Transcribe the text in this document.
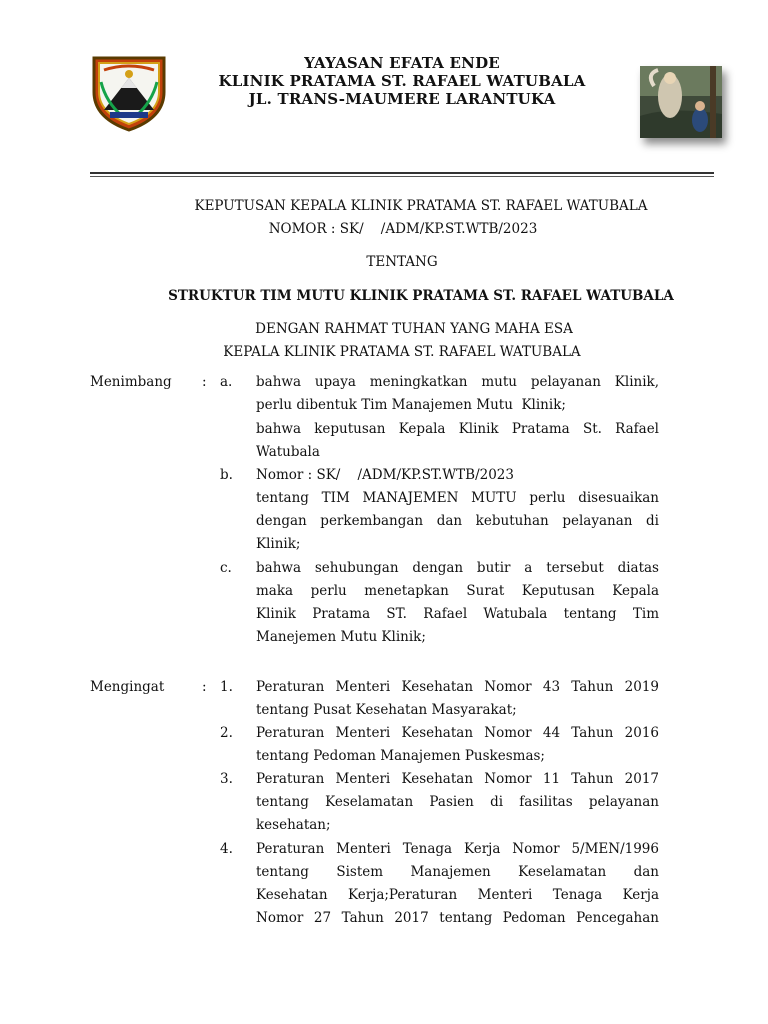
YAYASAN EFATA ENDE
KLINIK PRATAMA ST. RAFAEL WATUBALA
JL. TRANS-MAUMERE LARANTUKA
KEPUTUSAN KEPALA KLINIK PRATAMA ST. RAFAEL WATUBALA
NOMOR : SK/    /ADM/KP.ST.WTB/2023
TENTANG
STRUKTUR TIM MUTU KLINIK PRATAMA ST. RAFAEL WATUBALA
DENGAN RAHMAT TUHAN YANG MAHA ESA
KEPALA KLINIK PRATAMA ST. RAFAEL WATUBALA
Menimbang : a. bahwa upaya meningkatkan mutu pelayanan Klinik,
perlu dibentuk Tim Manajemen Mutu  Klinik;
bahwa keputusan Kepala Klinik Pratama St. Rafael
Watubala
b. Nomor : SK/    /ADM/KP.ST.WTB/2023
tentang TIM MANAJEMEN MUTU perlu disesuaikan
dengan perkembangan dan kebutuhan pelayanan di
Klinik;
c. bahwa sehubungan dengan butir a tersebut diatas
maka perlu menetapkan Surat Keputusan Kepala
Klinik Pratama ST. Rafael Watubala tentang Tim
Manejemen Mutu Klinik;
Mengingat	: 1. Peraturan Menteri Kesehatan Nomor 43 Tahun 2019
tentang Pusat Kesehatan Masyarakat;
2. Peraturan Menteri Kesehatan Nomor 44 Tahun 2016
tentang Pedoman Manajemen Puskesmas;
3. Peraturan Menteri Kesehatan Nomor 11 Tahun 2017
tentang Keselamatan Pasien di fasilitas pelayanan
kesehatan;
4. Peraturan Menteri Tenaga Kerja Nomor 5/MEN/1996
tentang Sistem Manajemen Keselamatan dan
Kesehatan Kerja;Peraturan Menteri Tenaga Kerja
Nomor 27 Tahun 2017 tentang Pedoman Pencegahan
